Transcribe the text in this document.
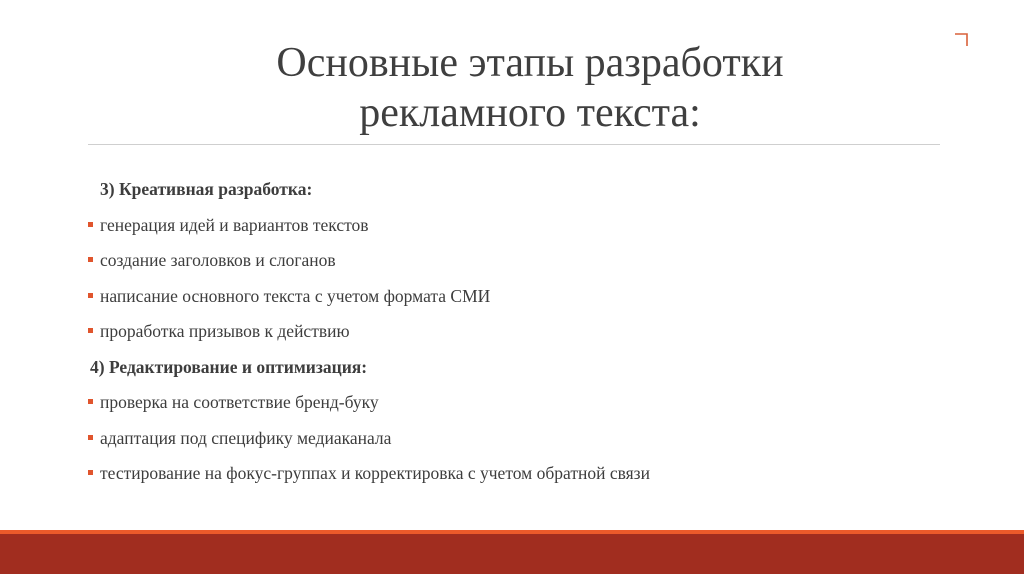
Основные этапы разработки
рекламного текста:
3) Креативная разработка:
генерация идей и вариантов текстов
создание заголовков и слоганов
написание основного текста с учетом формата СМИ
проработка призывов к действию
4) Редактирование и оптимизация:
проверка на соответствие бренд-буку
адаптация под специфику медиаканала
тестирование на фокус-группах и корректировка с учетом обратной связи
